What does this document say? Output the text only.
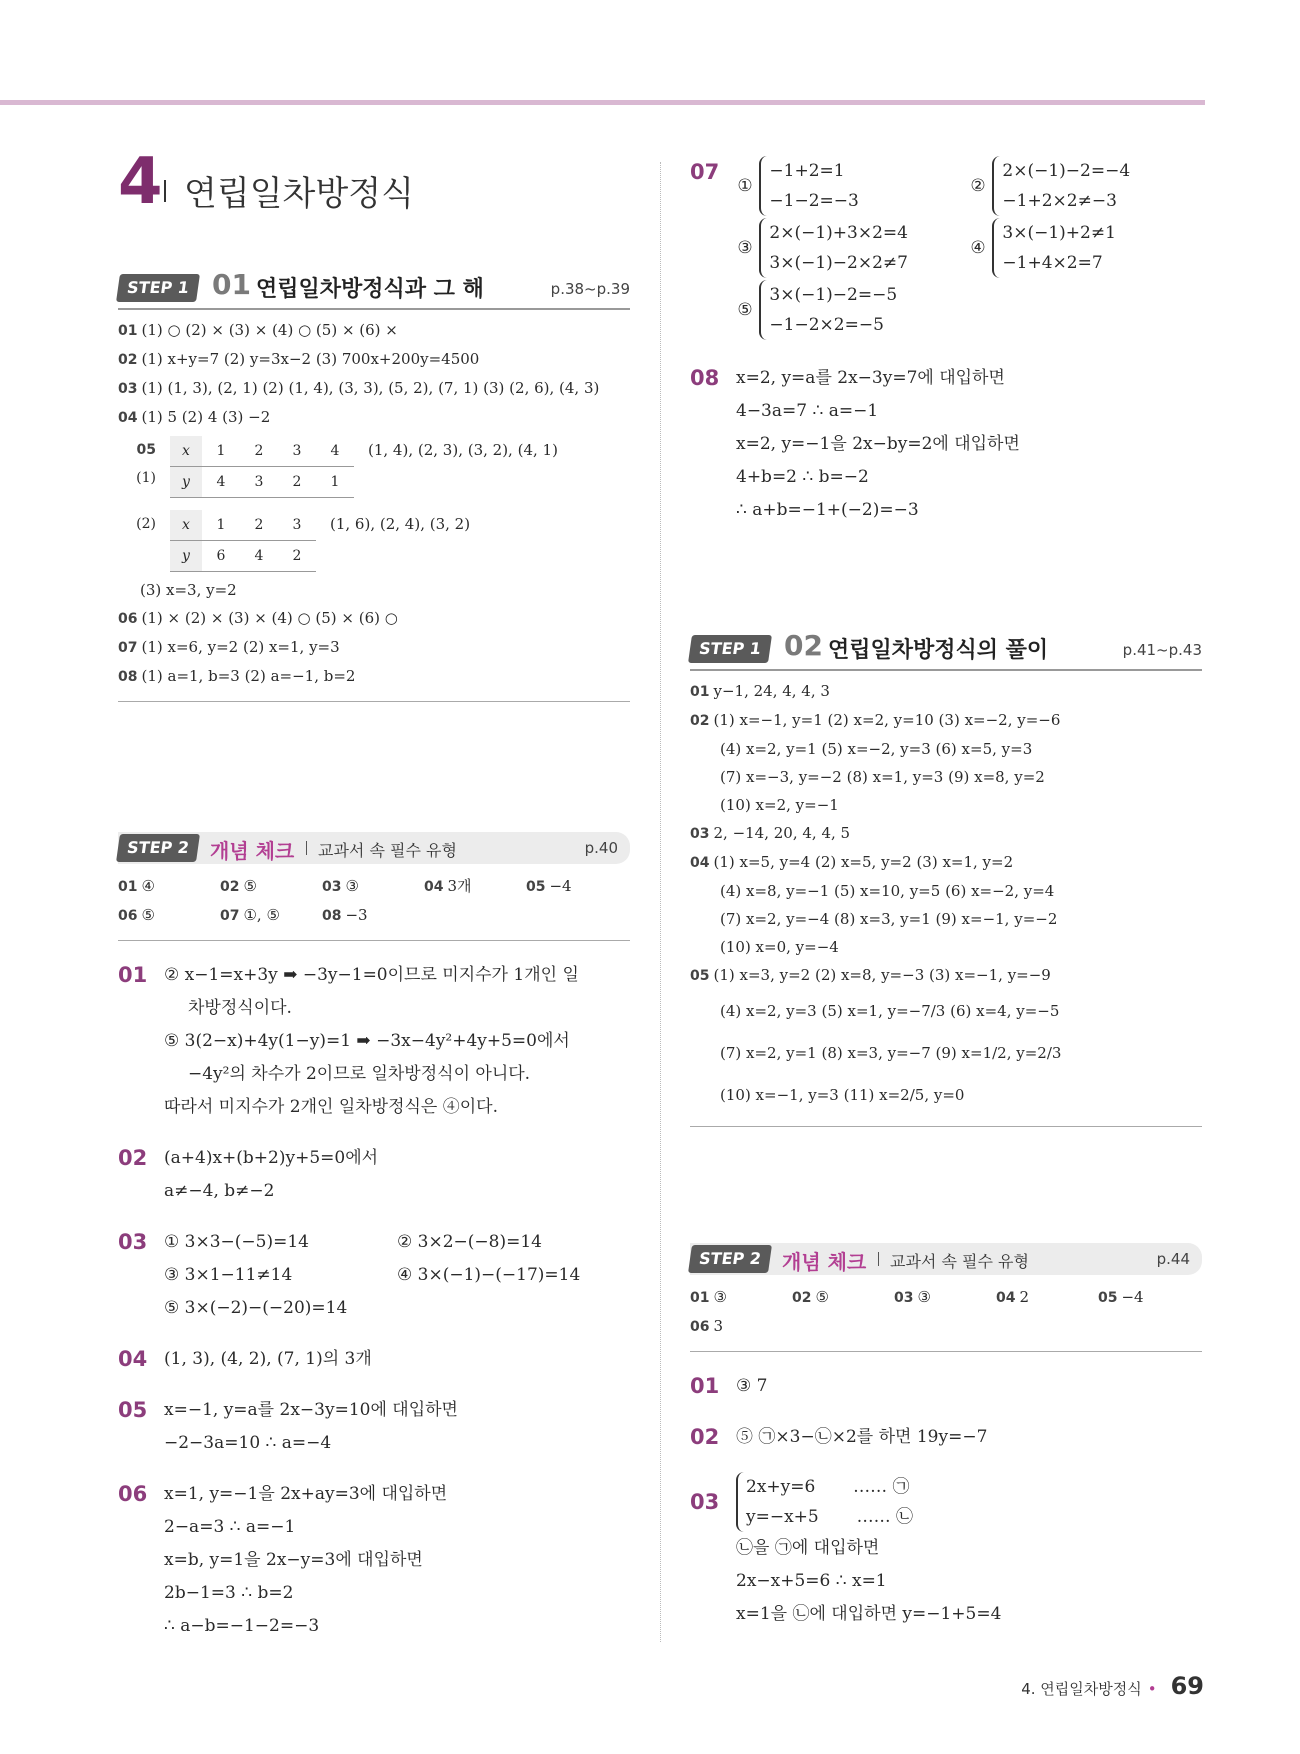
4 연립일차방정식
STEP 1 01 연립일차방정식과 그 해	p.38~p.39

01 (1) ○ (2) × (3) × (4) ○ (5) × (6) ×

02 (1) x+y=7 (2) y=3x−2 (3) 700x+200y=4500

03 (1) (1, 3), (2, 1) (2) (1, 4), (3, 3), (5, 2), (7, 1) (3) (2, 6), (4, 3)

04 (1) 5 (2) 4 (3) −2

05 (1)
x	1	2	3	4
y	4	3	2	1
(1, 4), (2, 3), (3, 2), (4, 1)
(2) x	1	2	3
y	6	4	2
(1, 6), (2, 4), (3, 2)

(3) x=3, y=2

06 (1) × (2) × (3) × (4) ○ (5) × (6) ○

07 (1) x=6, y=2 (2) x=1, y=3

08 (1) a=1, b=3 (2) a=−1, b=2

STEP 2 개념 체크 교과서 속 필수 유형	p.40
01 ④	02 ⑤	03 ③	04 3개	05 −4
06 ⑤	07 ①, ⑤	08 −3
01 ② x−1=x+3y ➡ −3y−1=0이므로 미지수가 1개인 일

차방정식이다.

⑤ 3(2−x)+4y(1−y)=1 ➡ −3x−4y²+4y+5=0에서

−4y²의 차수가 2이므로 일차방정식이 아니다.

따라서 미지수가 2개인 일차방정식은 ④이다.

02 (a+4)x+(b+2)y+5=0에서

a≠−4, b≠−2

03 ① 3×3−(−5)=14	② 3×2−(−8)=14
③ 3×1−11≠14	④ 3×(−1)−(−17)=14

⑤ 3×(−2)−(−20)=14

04 (1, 3), (4, 2), (7, 1)의 3개

05 x=−1, y=a를 2x−3y=10에 대입하면

−2−3a=10 ∴ a=−4

06 x=1, y=−1을 2x+ay=3에 대입하면

2−a=3 ∴ a=−1

x=b, y=1을 2x−y=3에 대입하면

2b−1=3 ∴ b=2

∴ a−b=−1−2=−3

07
① −1+2=1
−1−2=−3
② 2×(−1)−2=−4
−1+2×2≠−3
③ 2×(−1)+3×2=4
3×(−1)−2×2≠7
④ 3×(−1)+2≠1
−1+4×2=7
⑤ 3×(−1)−2=−5
−1−2×2=−5
08 x=2, y=a를 2x−3y=7에 대입하면

4−3a=7 ∴ a=−1

x=2, y=−1을 2x−by=2에 대입하면

4+b=2 ∴ b=−2

∴ a+b=−1+(−2)=−3

STEP 1 02 연립일차방정식의 풀이	p.41~p.43

01 y−1, 24, 4, 4, 3

02 (1) x=−1, y=1 (2) x=2, y=10 (3) x=−2, y=−6

(4) x=2, y=1 (5) x=−2, y=3 (6) x=5, y=3

(7) x=−3, y=−2 (8) x=1, y=3 (9) x=8, y=2

(10) x=2, y=−1

03 2, −14, 20, 4, 4, 5

04 (1) x=5, y=4 (2) x=5, y=2 (3) x=1, y=2

(4) x=8, y=−1 (5) x=10, y=5 (6) x=−2, y=4

(7) x=2, y=−4 (8) x=3, y=1 (9) x=−1, y=−2

(10) x=0, y=−4

05 (1) x=3, y=2 (2) x=8, y=−3 (3) x=−1, y=−9

(4) x=2, y=3 (5) x=1, y=−7/3 (6) x=4, y=−5

(7) x=2, y=1 (8) x=3, y=−7 (9) x=1/2, y=2/3

(10) x=−1, y=3 (11) x=2/5, y=0

STEP 2 개념 체크 교과서 속 필수 유형	p.44
01 ③	02 ⑤	03 ③	04 2	05 −4
06 3
01 ③ 7

02 ⑤ ㉠×3−㉡×2를 하면 19y=−7

03
2x+y=6 …… ㉠
y=−x+5 …… ㉡

㉡을 ㉠에 대입하면

2x−x+5=6 ∴ x=1

x=1을 ㉡에 대입하면 y=−1+5=4

4. 연립일차방정식 • 69
